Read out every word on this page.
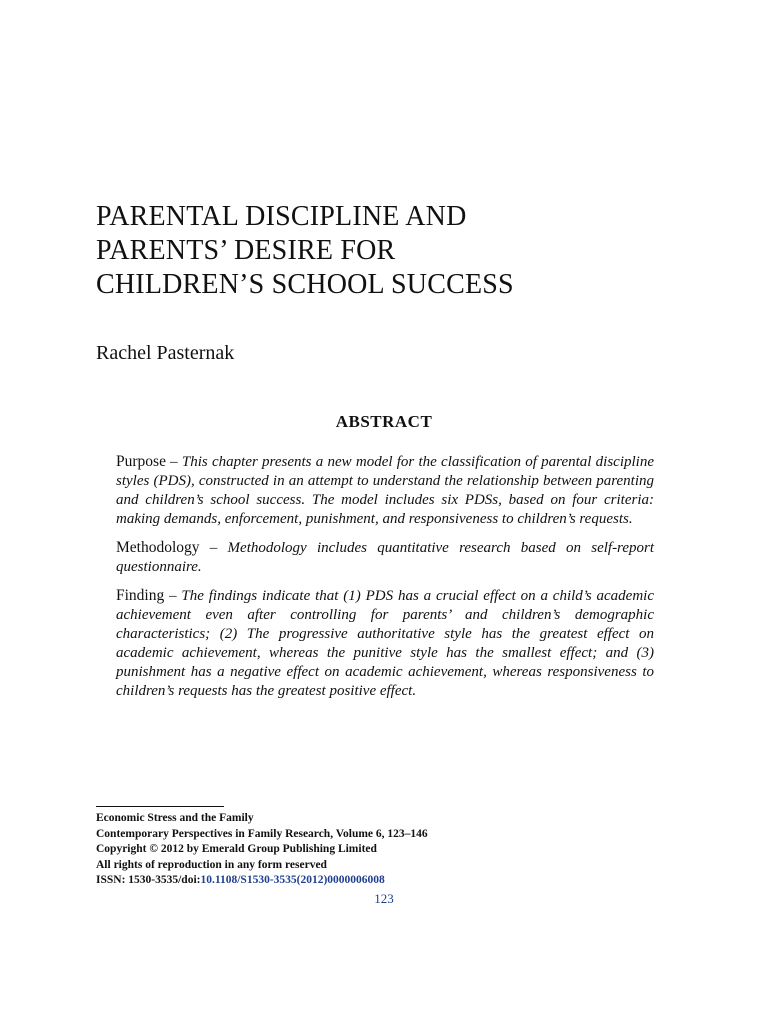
PARENTAL DISCIPLINE AND
PARENTS’ DESIRE FOR
CHILDREN’S SCHOOL SUCCESS
Rachel Pasternak
ABSTRACT

Purpose – This chapter presents a new model for the classification of parental discipline styles (PDS), constructed in an attempt to understand the relationship between parenting and children’s school success. The model includes six PDSs, based on four criteria: making demands, enforcement, punishment, and responsiveness to children’s requests.

Methodology – Methodology includes quantitative research based on self-report questionnaire.

Finding – The findings indicate that (1) PDS has a crucial effect on a child’s academic achievement even after controlling for parents’ and children’s demographic characteristics; (2) The progressive authoritative style has the greatest effect on academic achievement, whereas the punitive style has the smallest effect; and (3) punishment has a negative effect on academic achievement, whereas responsiveness to children’s requests has the greatest positive effect.

Economic Stress and the Family
Contemporary Perspectives in Family Research, Volume 6, 123–146
Copyright © 2012 by Emerald Group Publishing Limited
All rights of reproduction in any form reserved
ISSN: 1530-3535/doi:10.1108/S1530-3535(2012)0000006008
123
